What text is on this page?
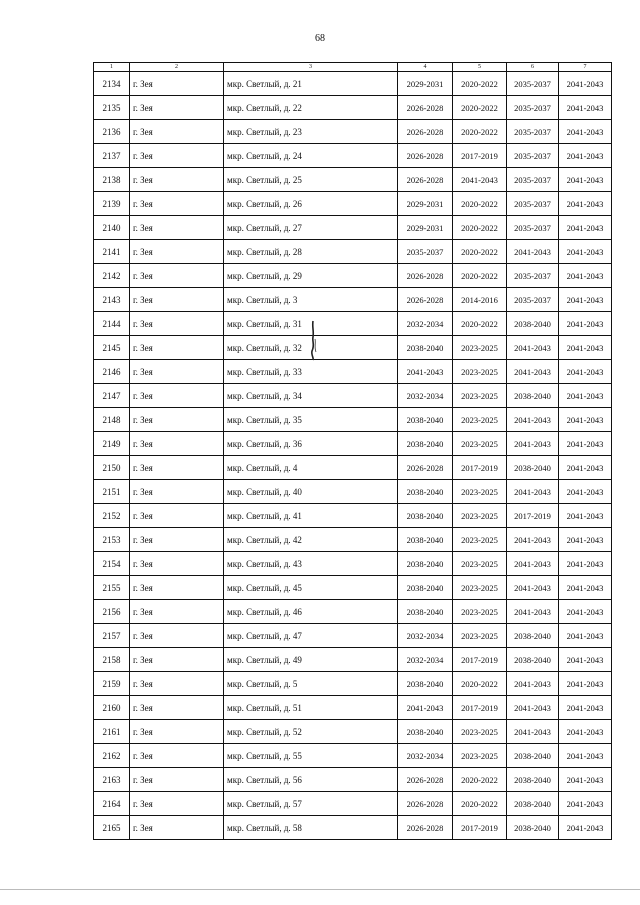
68
1	2	3	4	5	6	7
2134	г. Зея	мкр. Светлый, д. 21	2029-2031	2020-2022	2035-2037	2041-2043
2135	г. Зея	мкр. Светлый, д. 22	2026-2028	2020-2022	2035-2037	2041-2043
2136	г. Зея	мкр. Светлый, д. 23	2026-2028	2020-2022	2035-2037	2041-2043
2137	г. Зея	мкр. Светлый, д. 24	2026-2028	2017-2019	2035-2037	2041-2043
2138	г. Зея	мкр. Светлый, д. 25	2026-2028	2041-2043	2035-2037	2041-2043
2139	г. Зея	мкр. Светлый, д. 26	2029-2031	2020-2022	2035-2037	2041-2043
2140	г. Зея	мкр. Светлый, д. 27	2029-2031	2020-2022	2035-2037	2041-2043
2141	г. Зея	мкр. Светлый, д. 28	2035-2037	2020-2022	2041-2043	2041-2043
2142	г. Зея	мкр. Светлый, д. 29	2026-2028	2020-2022	2035-2037	2041-2043
2143	г. Зея	мкр. Светлый, д. 3	2026-2028	2014-2016	2035-2037	2041-2043
2144	г. Зея	мкр. Светлый, д. 31	2032-2034	2020-2022	2038-2040	2041-2043
2145	г. Зея	мкр. Светлый, д. 32	2038-2040	2023-2025	2041-2043	2041-2043
2146	г. Зея	мкр. Светлый, д. 33	2041-2043	2023-2025	2041-2043	2041-2043
2147	г. Зея	мкр. Светлый, д. 34	2032-2034	2023-2025	2038-2040	2041-2043
2148	г. Зея	мкр. Светлый, д. 35	2038-2040	2023-2025	2041-2043	2041-2043
2149	г. Зея	мкр. Светлый, д. 36	2038-2040	2023-2025	2041-2043	2041-2043
2150	г. Зея	мкр. Светлый, д. 4	2026-2028	2017-2019	2038-2040	2041-2043
2151	г. Зея	мкр. Светлый, д. 40	2038-2040	2023-2025	2041-2043	2041-2043
2152	г. Зея	мкр. Светлый, д. 41	2038-2040	2023-2025	2017-2019	2041-2043
2153	г. Зея	мкр. Светлый, д. 42	2038-2040	2023-2025	2041-2043	2041-2043
2154	г. Зея	мкр. Светлый, д. 43	2038-2040	2023-2025	2041-2043	2041-2043
2155	г. Зея	мкр. Светлый, д. 45	2038-2040	2023-2025	2041-2043	2041-2043
2156	г. Зея	мкр. Светлый, д. 46	2038-2040	2023-2025	2041-2043	2041-2043
2157	г. Зея	мкр. Светлый, д. 47	2032-2034	2023-2025	2038-2040	2041-2043
2158	г. Зея	мкр. Светлый, д. 49	2032-2034	2017-2019	2038-2040	2041-2043
2159	г. Зея	мкр. Светлый, д. 5	2038-2040	2020-2022	2041-2043	2041-2043
2160	г. Зея	мкр. Светлый, д. 51	2041-2043	2017-2019	2041-2043	2041-2043
2161	г. Зея	мкр. Светлый, д. 52	2038-2040	2023-2025	2041-2043	2041-2043
2162	г. Зея	мкр. Светлый, д. 55	2032-2034	2023-2025	2038-2040	2041-2043
2163	г. Зея	мкр. Светлый, д. 56	2026-2028	2020-2022	2038-2040	2041-2043
2164	г. Зея	мкр. Светлый, д. 57	2026-2028	2020-2022	2038-2040	2041-2043
2165	г. Зея	мкр. Светлый, д. 58	2026-2028	2017-2019	2038-2040	2041-2043
